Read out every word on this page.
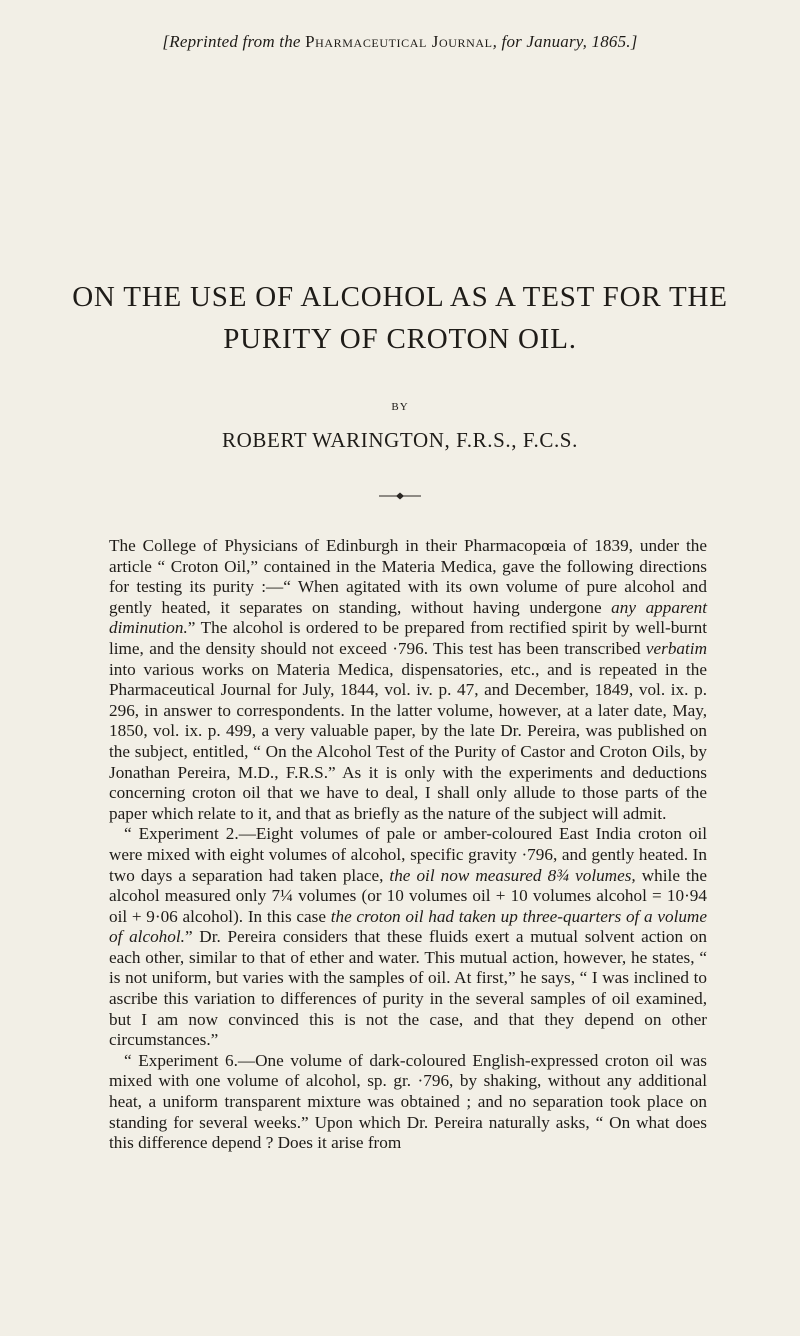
[Reprinted from the Pharmaceutical Journal, for January, 1865.]
ON THE USE OF ALCOHOL AS A TEST FOR THE
PURITY OF CROTON OIL.
BY
ROBERT WARINGTON, F.R.S., F.C.S.

The College of Physicians of Edinburgh in their Pharmacopœia of 1839, under the article “ Croton Oil,” contained in the Materia Medica, gave the following directions for testing its purity :—“ When agitated with its own volume of pure alcohol and gently heated, it separates on standing, without having undergone any apparent diminution.” The alcohol is ordered to be prepared from rectified spirit by well-burnt lime, and the density should not exceed ·796. This test has been transcribed verbatim into various works on Materia Medica, dispensatories, etc., and is repeated in the Pharmaceutical Journal for July, 1844, vol. iv. p. 47, and December, 1849, vol. ix. p. 296, in answer to correspondents. In the latter volume, however, at a later date, May, 1850, vol. ix. p. 499, a very valuable paper, by the late Dr. Pereira, was published on the subject, entitled, “ On the Alcohol Test of the Purity of Castor and Croton Oils, by Jonathan Pereira, M.D., F.R.S.” As it is only with the experiments and deductions concerning croton oil that we have to deal, I shall only allude to those parts of the paper which relate to it, and that as briefly as the nature of the subject will admit.

“ Experiment 2.—Eight volumes of pale or amber-coloured East India croton oil were mixed with eight volumes of alcohol, specific gravity ·796, and gently heated. In two days a separation had taken place, the oil now measured 8¾ volumes, while the alcohol measured only 7¼ volumes (or 10 volumes oil + 10 volumes alcohol = 10·94 oil + 9·06 alcohol). In this case the croton oil had taken up three-quarters of a volume of alcohol.” Dr. Pereira considers that these fluids exert a mutual solvent action on each other, similar to that of ether and water. This mutual action, however, he states, “ is not uniform, but varies with the samples of oil. At first,” he says, “ I was inclined to ascribe this variation to differences of purity in the several samples of oil examined, but I am now convinced this is not the case, and that they depend on other circumstances.”

“ Experiment 6.—One volume of dark-coloured English-expressed croton oil was mixed with one volume of alcohol, sp. gr. ·796, by shaking, without any additional heat, a uniform transparent mixture was obtained ; and no separation took place on standing for several weeks.” Upon which Dr. Pereira naturally asks, “ On what does this difference depend ? Does it arise from
